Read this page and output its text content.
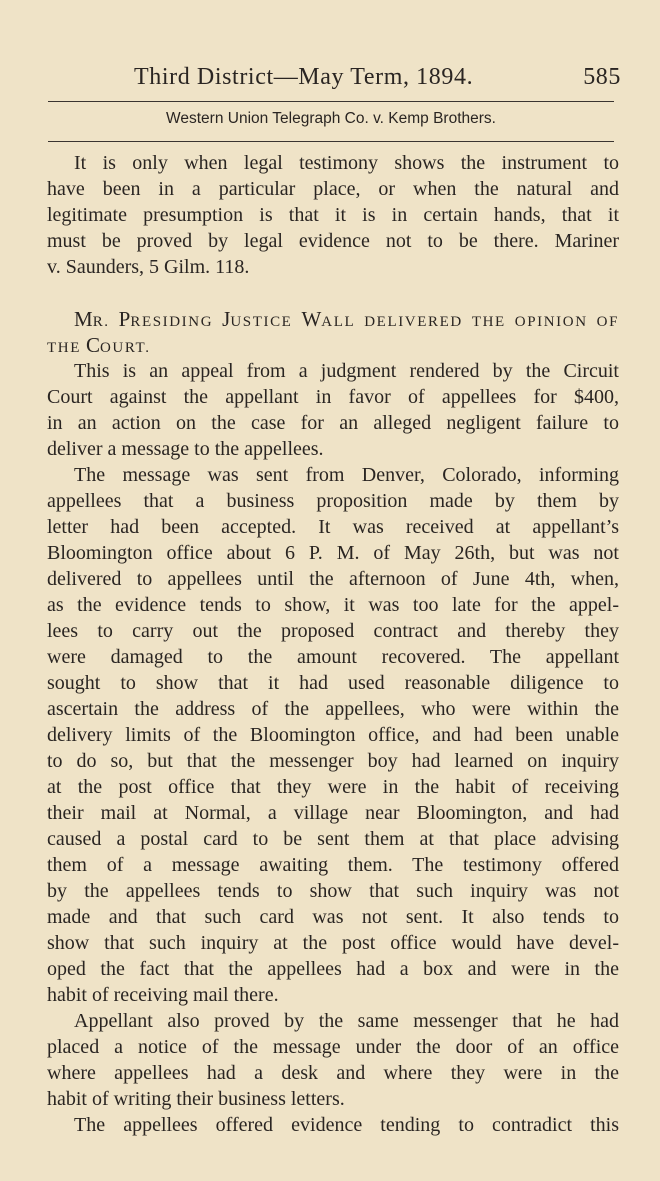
Third District—May Term, 1894.	585
Western Union Telegraph Co. v. Kemp Brothers.
It is only when legal testimony shows the instrument to
have been in a particular place, or when the natural and
legitimate presumption is that it is in certain hands, that it
must be proved by legal evidence not to be there. Mariner
v. Saunders, 5 Gilm. 118.
MR. PRESIDING JUSTICE WALL DELIVERED THE OPINION OF
THE COURT.
This is an appeal from a judgment rendered by the Circuit
Court against the appellant in favor of appellees for $400,
in an action on the case for an alleged negligent failure to
deliver a message to the appellees.
The message was sent from Denver, Colorado, informing
appellees that a business proposition made by them by
letter had been accepted. It was received at appellant’s
Bloomington office about 6 P. M. of May 26th, but was not
delivered to appellees until the afternoon of June 4th, when,
as the evidence tends to show, it was too late for the appel-
lees to carry out the proposed contract and thereby they
were damaged to the amount recovered. The appellant
sought to show that it had used reasonable diligence to
ascertain the address of the appellees, who were within the
delivery limits of the Bloomington office, and had been unable
to do so, but that the messenger boy had learned on inquiry
at the post office that they were in the habit of receiving
their mail at Normal, a village near Bloomington, and had
caused a postal card to be sent them at that place advising
them of a message awaiting them. The testimony offered
by the appellees tends to show that such inquiry was not
made and that such card was not sent. It also tends to
show that such inquiry at the post office would have devel-
oped the fact that the appellees had a box and were in the
habit of receiving mail there.
Appellant also proved by the same messenger that he had
placed a notice of the message under the door of an office
where appellees had a desk and where they were in the
habit of writing their business letters.
The appellees offered evidence tending to contradict this
